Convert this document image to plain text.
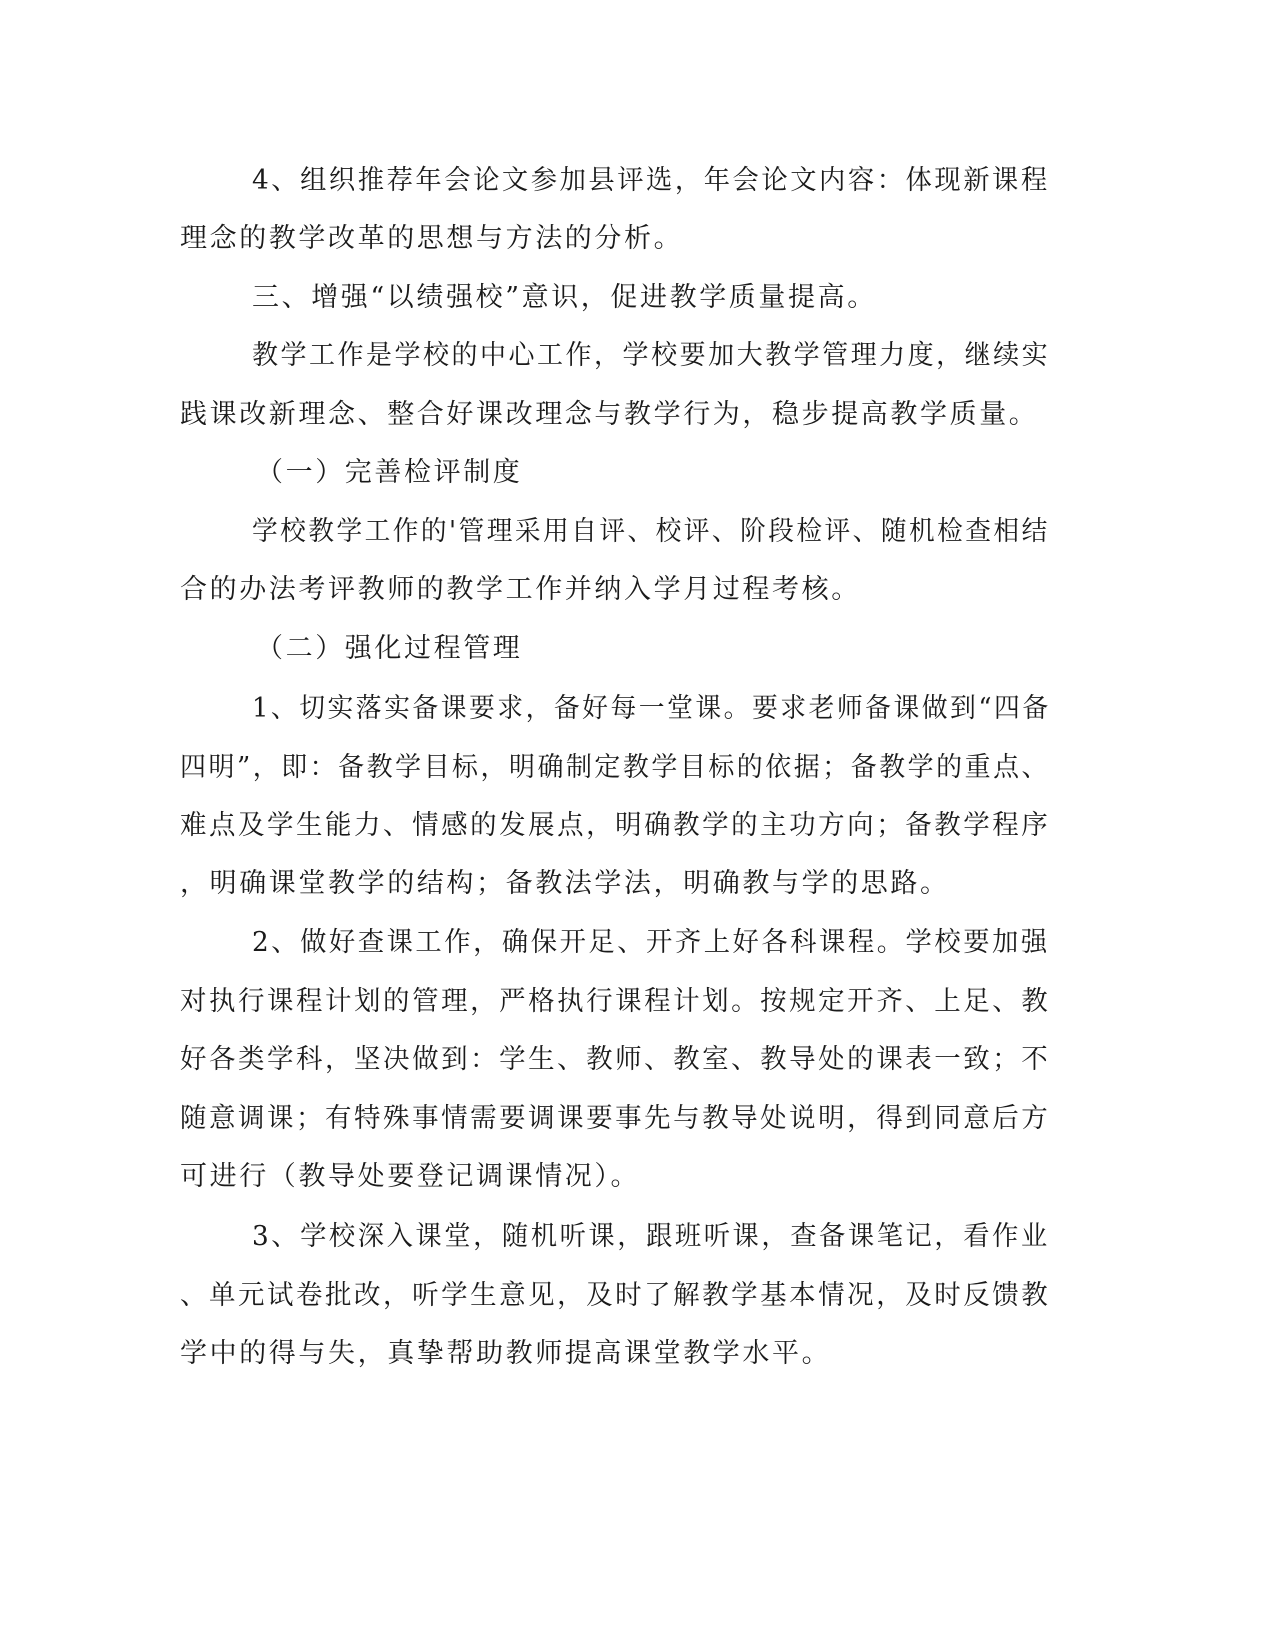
4、组织推荐年会论文参加县评选，年会论文内容：体现新课程
理念的教学改革的思想与方法的分析。
三、增强“以绩强校”意识，促进教学质量提高。
教学工作是学校的中心工作，学校要加大教学管理力度，继续实
践课改新理念、整合好课改理念与教学行为，稳步提高教学质量。
（一）完善检评制度
学校教学工作的'管理采用自评、校评、阶段检评、随机检查相结
合的办法考评教师的教学工作并纳入学月过程考核。
（二）强化过程管理
1、切实落实备课要求，备好每一堂课。要求老师备课做到“四备
四明”，即：备教学目标，明确制定教学目标的依据；备教学的重点、
难点及学生能力、情感的发展点，明确教学的主功方向；备教学程序
，明确课堂教学的结构；备教法学法，明确教与学的思路。
2、做好查课工作，确保开足、开齐上好各科课程。学校要加强
对执行课程计划的管理，严格执行课程计划。按规定开齐、上足、教
好各类学科，坚决做到：学生、教师、教室、教导处的课表一致；不
随意调课；有特殊事情需要调课要事先与教导处说明，得到同意后方
可进行（教导处要登记调课情况）。
3、学校深入课堂，随机听课，跟班听课，查备课笔记，看作业
、单元试卷批改，听学生意见，及时了解教学基本情况，及时反馈教
学中的得与失，真挚帮助教师提高课堂教学水平。
